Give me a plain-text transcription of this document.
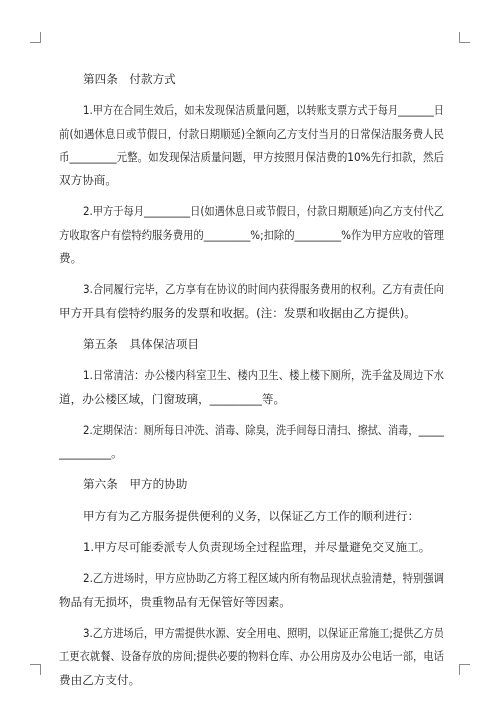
第四条　付款方式
1.甲方在合同生效后，如未发现保洁质量问题，以转账支票方式于每月_______日
前(如遇休息日或节假日，付款日期顺延)全额向乙方支付当月的日常保洁服务费人民
币_________元整。如发现保洁质量问题，甲方按照月保洁费的10%先行扣款，然后
双方协商。
2.甲方于每月_________日(如遇休息日或节假日，付款日期顺延)向乙方支付代乙
方收取客户有偿特约服务费用的_________%;扣除的_________%作为甲方应收的管理
费。
3.合同履行完毕，乙方享有在协议的时间内获得服务费用的权利。乙方有责任向
甲方开具有偿特约服务的发票和收据。(注：发票和收据由乙方提供)。
第五条　具体保洁项目
1.日常清洁：办公楼内科室卫生、楼内卫生、楼上楼下厕所，洗手盆及周边下水
道，办公楼区域，门窗玻璃，_________等。
2.定期保洁：厕所每日冲洗、消毒、除臭，洗手间每日清扫、擦拭、消毒，_____
_________。
第六条　甲方的协助
甲方有为乙方服务提供便利的义务，以保证乙方工作的顺利进行：
1.甲方尽可能委派专人负责现场全过程监理，并尽量避免交叉施工。
2.乙方进场时，甲方应协助乙方将工程区域内所有物品现状点验清楚，特别强调
物品有无损坏，贵重物品有无保管好等因素。
3.乙方进场后，甲方需提供水源、安全用电、照明，以保证正常施工;提供乙方员
工更衣就餐、设备存放的房间;提供必要的物料仓库、办公用房及办公电话一部，电话
费由乙方支付。
